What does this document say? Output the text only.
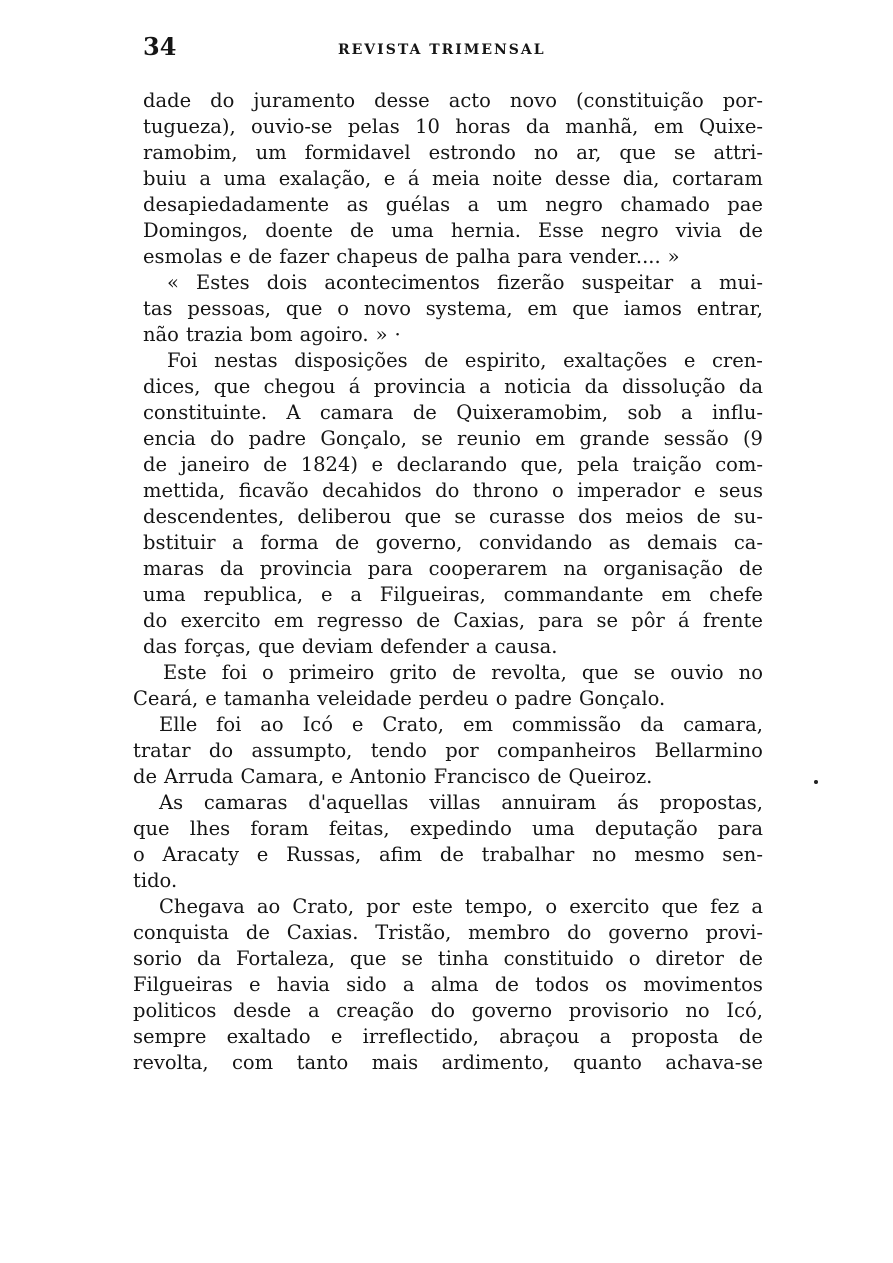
34	REVISTA TRIMENSAL
dade do juramento desse acto novo (constituição por-
tugueza), ouvio-se pelas 10 horas da manhã, em Quixe-
ramobim, um formidavel estrondo no ar, que se attri-
buiu a uma exalação, e á meia noite desse dia, cortaram
desapiedadamente as guélas a um negro chamado pae
Domingos, doente de uma hernia. Esse negro vivia de
esmolas e de fazer chapeus de palha para vender.... »
« Estes dois acontecimentos fizerão suspeitar a mui-
tas pessoas, que o novo systema, em que iamos entrar,
não trazia bom agoiro. » ·
Foi nestas disposições de espirito, exaltações e cren-
dices, que chegou á provincia a noticia da dissolução da
constituinte. A camara de Quixeramobim, sob a influ-
encia do padre Gonçalo, se reunio em grande sessão (9
de janeiro de 1824) e declarando que, pela traição com-
mettida, ficavão decahidos do throno o imperador e seus
descendentes, deliberou que se curasse dos meios de su-
bstituir a forma de governo, convidando as demais ca-
maras da provincia para cooperarem na organisação de
uma republica, e a Filgueiras, commandante em chefe
do exercito em regresso de Caxias, para se pôr á frente
das forças, que deviam defender a causa.
Este foi o primeiro grito de revolta, que se ouvio no
Ceará, e tamanha veleidade perdeu o padre Gonçalo.
Elle foi ao Icó e Crato, em commissão da camara,
tratar do assumpto, tendo por companheiros Bellarmino
de Arruda Camara, e Antonio Francisco de Queiroz.
As camaras d'aquellas villas annuiram ás propostas,
que lhes foram feitas, expedindo uma deputação para
o Aracaty e Russas, afim de trabalhar no mesmo sen-
tido.
Chegava ao Crato, por este tempo, o exercito que fez a
conquista de Caxias. Tristão, membro do governo provi-
sorio da Fortaleza, que se tinha constituido o diretor de
Filgueiras e havia sido a alma de todos os movimentos
politicos desde a creação do governo provisorio no Icó,
sempre exaltado e irreflectido, abraçou a proposta de
revolta, com tanto mais ardimento, quanto achava-se
